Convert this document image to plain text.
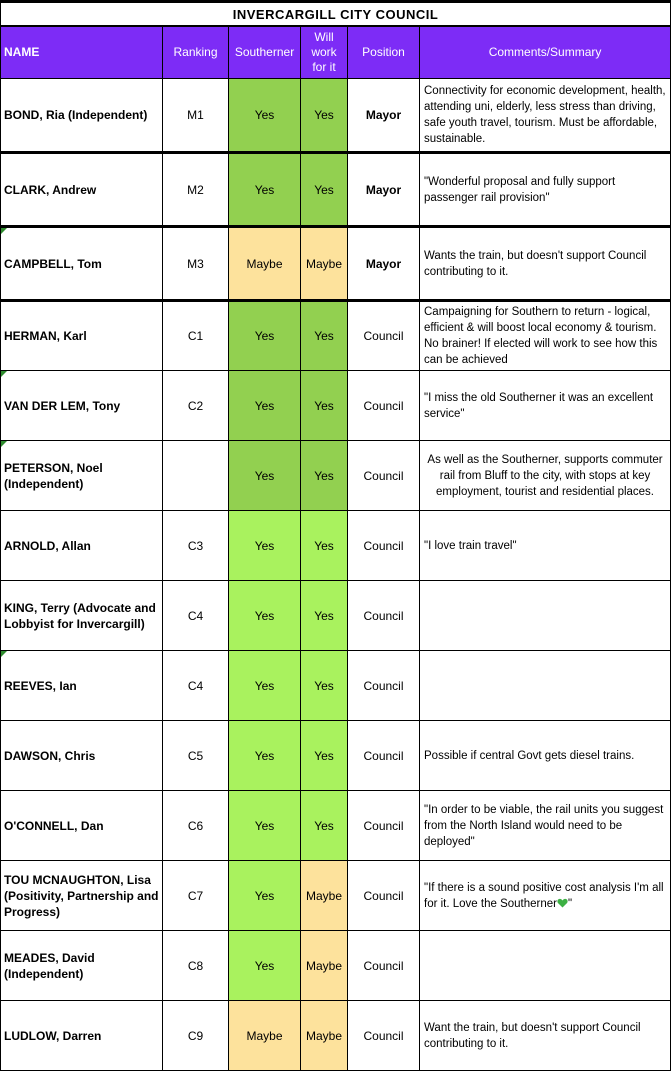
INVERCARGILL CITY COUNCIL					
NAME	Ranking	Southerner	Will work for it	Position	Comments/Summary
BOND, Ria (Independent)	M1	Yes	Yes	Mayor	Connectivity for economic development, health, attending uni, elderly, less stress than driving, safe youth travel, tourism. Must be affordable, sustainable.
CLARK, Andrew	M2	Yes	Yes	Mayor	"Wonderful proposal and fully support passenger rail provision"
CAMPBELL, Tom	M3	Maybe	Maybe	Mayor	Wants the train, but doesn't support Council contributing to it.
HERMAN, Karl	C1	Yes	Yes	Council	Campaigning for Southern to return - logical, efficient & will boost local economy & tourism. No brainer! If elected will work to see how this can be achieved
VAN DER LEM, Tony	C2	Yes	Yes	Council	"I miss the old Southerner it was an excellent service"
PETERSON, Noel (Independent)		Yes	Yes	Council	As well as the Southerner, supports commuter rail from Bluff to the city, with stops at key employment, tourist and residential places.
ARNOLD, Allan	C3	Yes	Yes	Council	"I love train travel"
KING, Terry (Advocate and Lobbyist for Invercargill)	C4	Yes	Yes	Council	
REEVES, Ian	C4	Yes	Yes	Council	
DAWSON, Chris	C5	Yes	Yes	Council	Possible if central Govt gets diesel trains.
O'CONNELL, Dan	C6	Yes	Yes	Council	"In order to be viable, the rail units you suggest from the North Island would need to be deployed"
TOU MCNAUGHTON, Lisa (Positivity, Partnership and Progress)	C7	Yes	Maybe	Council	"If there is a sound positive cost analysis I'm all for it. Love the Southerner "
MEADES, David (Independent)	C8	Yes	Maybe	Council	
LUDLOW, Darren	C9	Maybe	Maybe	Council	Want the train, but doesn't support Council contributing to it.
